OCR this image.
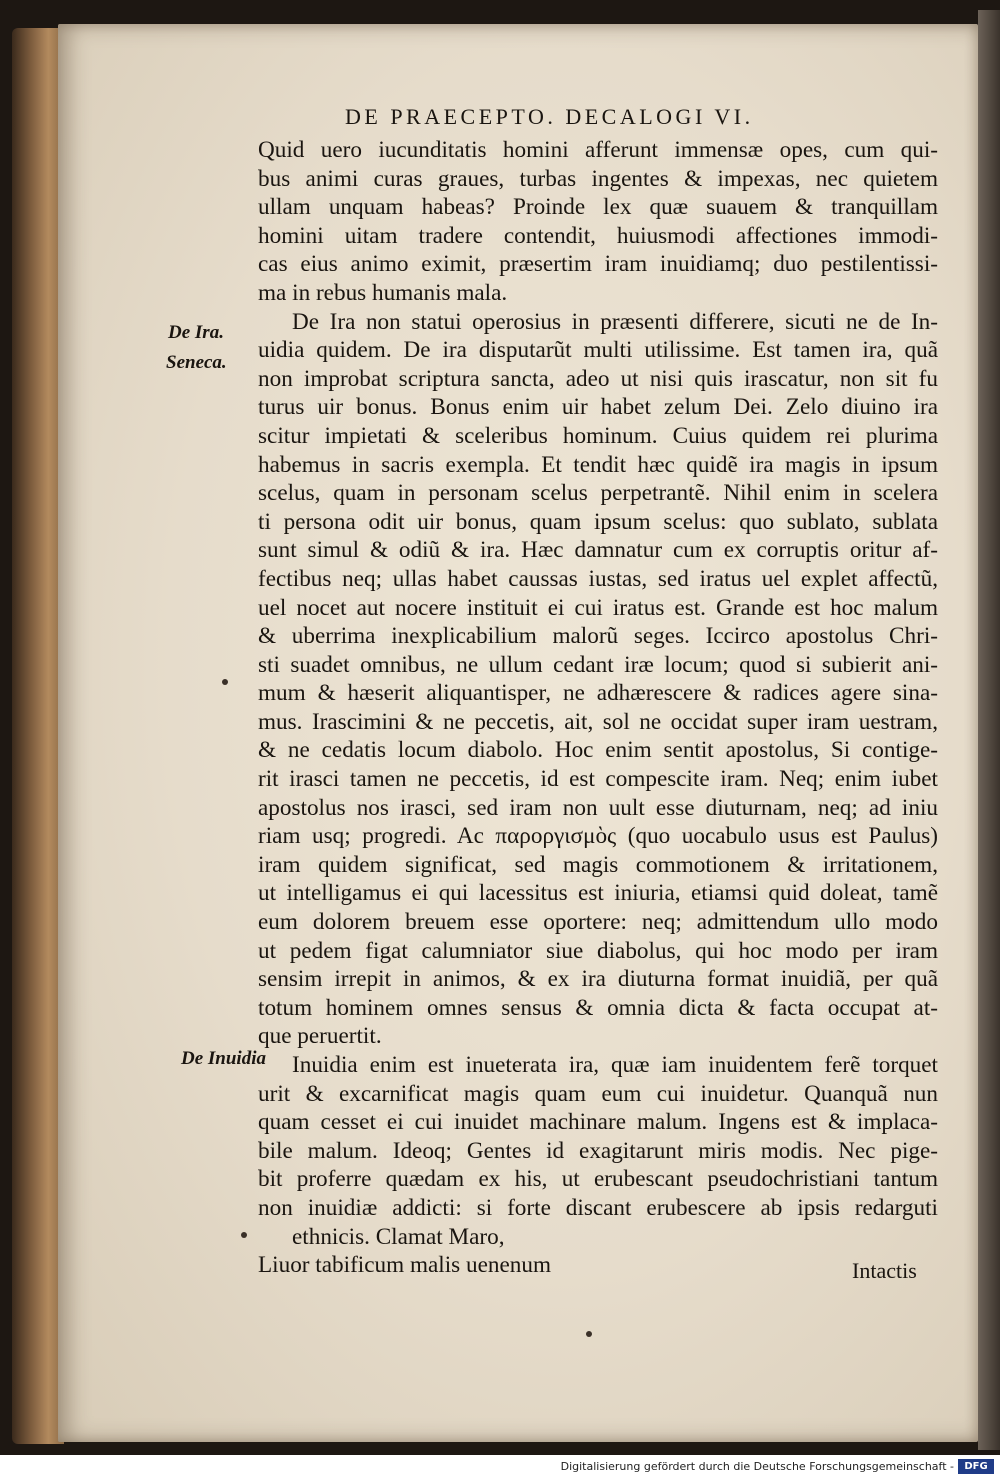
DE PRAECEPTO. DECALOGI VI.
De Ira.
Seneca.
De Inuidia
Quid uero iucunditatis homini afferunt immensæ opes, cum qui-
bus animi curas graues, turbas ingentes & impexas, nec quietem
ullam unquam habeas? Proinde lex quæ suauem & tranquillam
homini uitam tradere contendit, huiusmodi affectiones immodi-
cas eius animo eximit, præsertim iram inuidiamq; duo pestilentissi-
ma in rebus humanis mala.
De Ira non statui operosius in præsenti differere, sicuti ne de In-
uidia quidem. De ira disputarũt multi utilissime. Est tamen ira, quã
non improbat scriptura sancta, adeo ut nisi quis irascatur, non sit fu
turus uir bonus. Bonus enim uir habet zelum Dei. Zelo diuino ira
scitur impietati & sceleribus hominum. Cuius quidem rei plurima
habemus in sacris exempla. Et tendit hæc quidẽ ira magis in ipsum
scelus, quam in personam scelus perpetrantẽ. Nihil enim in scelera
ti persona odit uir bonus, quam ipsum scelus: quo sublato, sublata
sunt simul & odiũ & ira. Hæc damnatur cum ex corruptis oritur af-
fectibus neq; ullas habet caussas iustas, sed iratus uel explet affectũ,
uel nocet aut nocere instituit ei cui iratus est. Grande est hoc malum
& uberrima inexplicabilium malorũ seges. Iccirco apostolus Chri-
sti suadet omnibus, ne ullum cedant iræ locum; quod si subierit ani-
mum & hæserit aliquantisper, ne adhærescere & radices agere sina-
mus. Irascimini & ne peccetis, ait, sol ne occidat super iram uestram,
& ne cedatis locum diabolo. Hoc enim sentit apostolus, Si contige-
rit irasci tamen ne peccetis, id est compescite iram. Neq; enim iubet
apostolus nos irasci, sed iram non uult esse diuturnam, neq; ad iniu
riam usq; progredi. Ac παροργισμὸς (quo uocabulo usus est Paulus)
iram quidem significat, sed magis commotionem & irritationem,
ut intelligamus ei qui lacessitus est iniuria, etiamsi quid doleat, tamẽ
eum dolorem breuem esse oportere: neq; admittendum ullo modo
ut pedem figat calumniator siue diabolus, qui hoc modo per iram
sensim irrepit in animos, & ex ira diuturna format inuidiã, per quã
totum hominem omnes sensus & omnia dicta & facta occupat at-
que peruertit.
Inuidia enim est inueterata ira, quæ iam inuidentem ferẽ torquet
urit & excarnificat magis quam eum cui inuidetur. Quanquã nun
quam cesset ei cui inuidet machinare malum. Ingens est & implaca-
bile malum. Ideoq; Gentes id exagitarunt miris modis. Nec pige-
bit proferre quædam ex his, ut erubescant pseudochristiani tantum
non inuidiæ addicti: si forte discant erubescere ab ipsis redarguti
ethnicis. Clamat Maro,
Liuor tabificum malis uenenum	Intactis
Digitalisierung gefördert durch die Deutsche Forschungsgemeinschaft -	DFG
